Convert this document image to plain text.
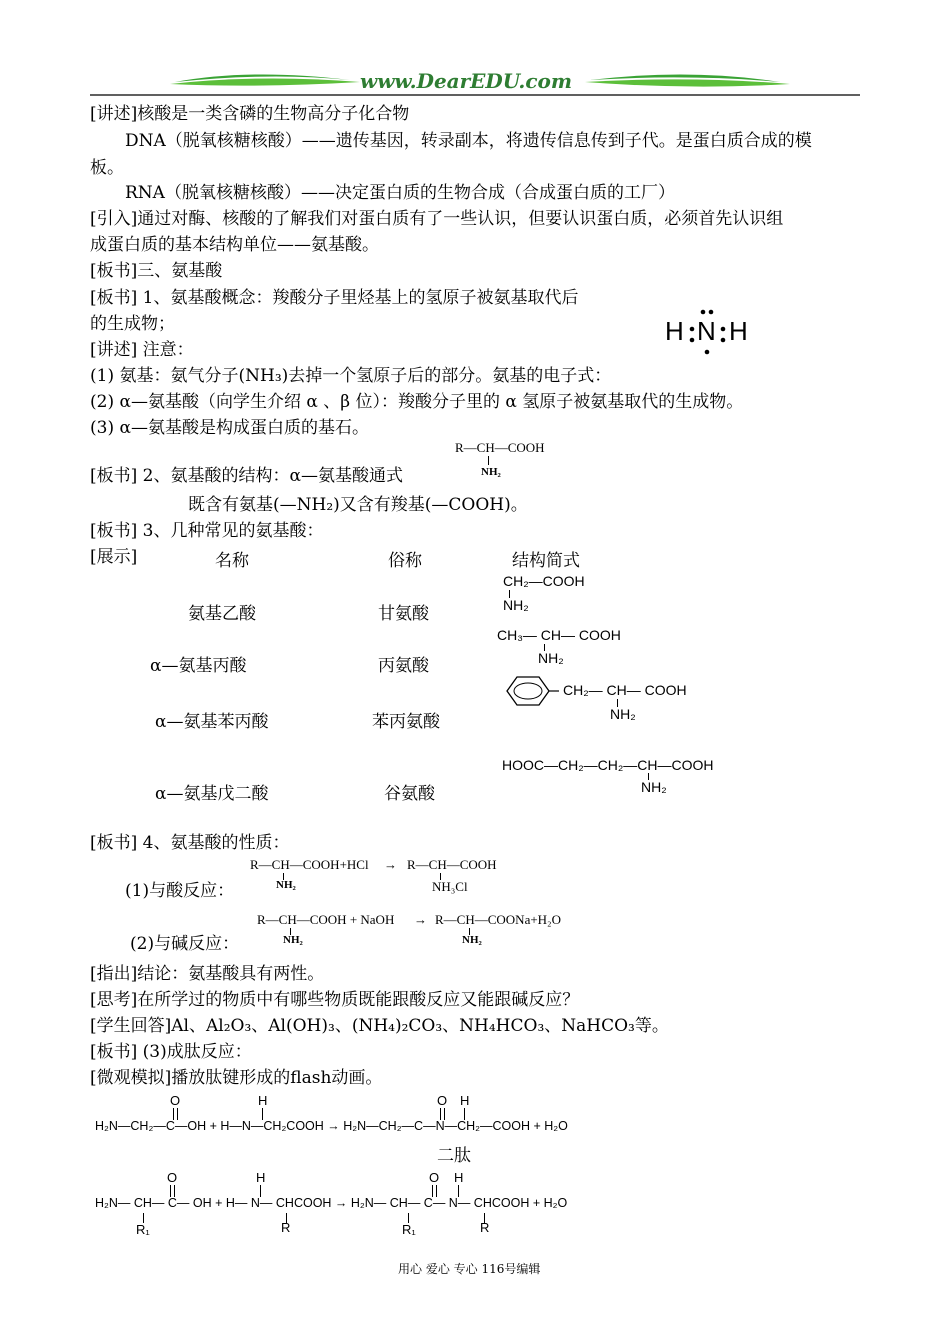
www.DearEDU.com
[讲述]核酸是一类含磷的生物高分子化合物
DNA（脱氧核糖核酸）——遗传基因，转录副本，将遗传信息传到子代。是蛋白质合成的模
板。
RNA（脱氧核糖核酸）——决定蛋白质的生物合成（合成蛋白质的工厂）
[引入]通过对酶、核酸的了解我们对蛋白质有了一些认识，但要认识蛋白质，必须首先认识组
成蛋白质的基本结构单位——氨基酸。
[板书]三、氨基酸
[板书] 1、氨基酸概念：羧酸分子里烃基上的氢原子被氨基取代后
的生成物；
[讲述] 注意：
(1) 氨基：氨气分子(NH₃)去掉一个氢原子后的部分。氨基的电子式：
(2) α—氨基酸（向学生介绍 α 、β 位）：羧酸分子里的 α 氢原子被氨基取代的生成物。
(3) α—氨基酸是构成蛋白质的基石。
[板书] 2、氨基酸的结构：α—氨基酸通式
既含有氨基(—NH₂)又含有羧基(—COOH)。
[板书] 3、几种常见的氨基酸：
[展示]
[板书] 4、氨基酸的性质：
(1)与酸反应：
(2)与碱反应：
[指出]结论：氨基酸具有两性。
[思考]在所学过的物质中有哪些物质既能跟酸反应又能跟碱反应？
[学生回答]Al、Al₂O₃、Al(OH)₃、(NH₄)₂CO₃、NH₄HCO₃、NaHCO₃等。
[板书] (3)成肽反应：
[微观模拟]播放肽键形成的flash动画。
H N H
R—CH—COOH
NH₂
名称	俗称	结构简式
氨基乙酸	甘氨酸
CH₂—COOH
NH₂
α—氨基丙酸	丙氨酸
CH₃— CH— COOH
NH₂
α—氨基苯丙酸	苯丙氨酸
CH₂— CH— COOH
NH₂
α—氨基戊二酸	谷氨酸
HOOC—CH₂—CH₂—CH—COOH
NH₂
R—CH—COOH+HCl → R—CH—COOH
NH₂	NH₃Cl
R—CH—COOH + NaOH → R—CH—COONa+H₂O
NH₂	NH₂
O	H	O H
H₂N—CH₂—C—OH + H—N—CH₂COOH → H₂N—CH₂—C—N—CH₂—COOH + H₂O
二肽
O	H	O H
H₂N— CH— C— OH + H— N— CHCOOH → H₂N— CH— C— N— CHCOOH + H₂O
R₁	R	R₁	R
用心 爱心 专心 116号编辑
